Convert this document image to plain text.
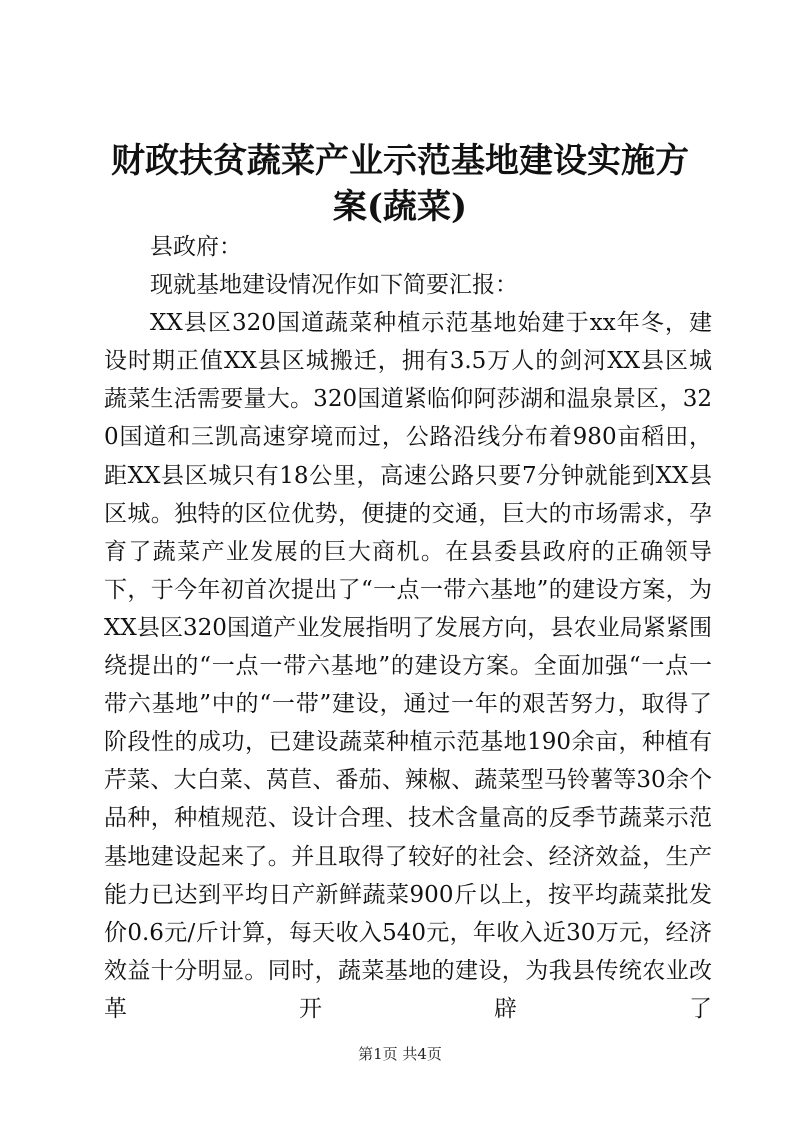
财政扶贫蔬菜产业示范基地建设实施方案(蔬菜)

县政府：

现就基地建设情况作如下简要汇报：

XX县区320国道蔬菜种植示范基地始建于xx年冬，建设时期正值XX县区城搬迁，拥有3.5万人的剑河XX县区城蔬菜生活需要量大。320国道紧临仰阿莎湖和温泉景区，320国道和三凯高速穿境而过，公路沿线分布着980亩稻田，距XX县区城只有18公里，高速公路只要7分钟就能到XX县区城。独特的区位优势，便捷的交通，巨大的市场需求，孕育了蔬菜产业发展的巨大商机。在县委县政府的正确领导下，于今年初首次提出了“一点一带六基地”的建设方案，为XX县区320国道产业发展指明了发展方向，县农业局紧紧围绕提出的“一点一带六基地”的建设方案。全面加强“一点一带六基地”中的“一带”建设，通过一年的艰苦努力，取得了阶段性的成功，已建设蔬菜种植示范基地190余亩，种植有芹菜、大白菜、莴苣、番茄、辣椒、蔬菜型马铃薯等30余个品种，种植规范、设计合理、技术含量高的反季节蔬菜示范基地建设起来了。并且取得了较好的社会、经济效益，生产能力已达到平均日产新鲜蔬菜900斤以上，按平均蔬菜批发价0.6元/斤计算，每天收入540元，年收入近30万元，经济效益十分明显。同时，蔬菜基地的建设，为我县传统农业改革开辟了

第1页 共4页
